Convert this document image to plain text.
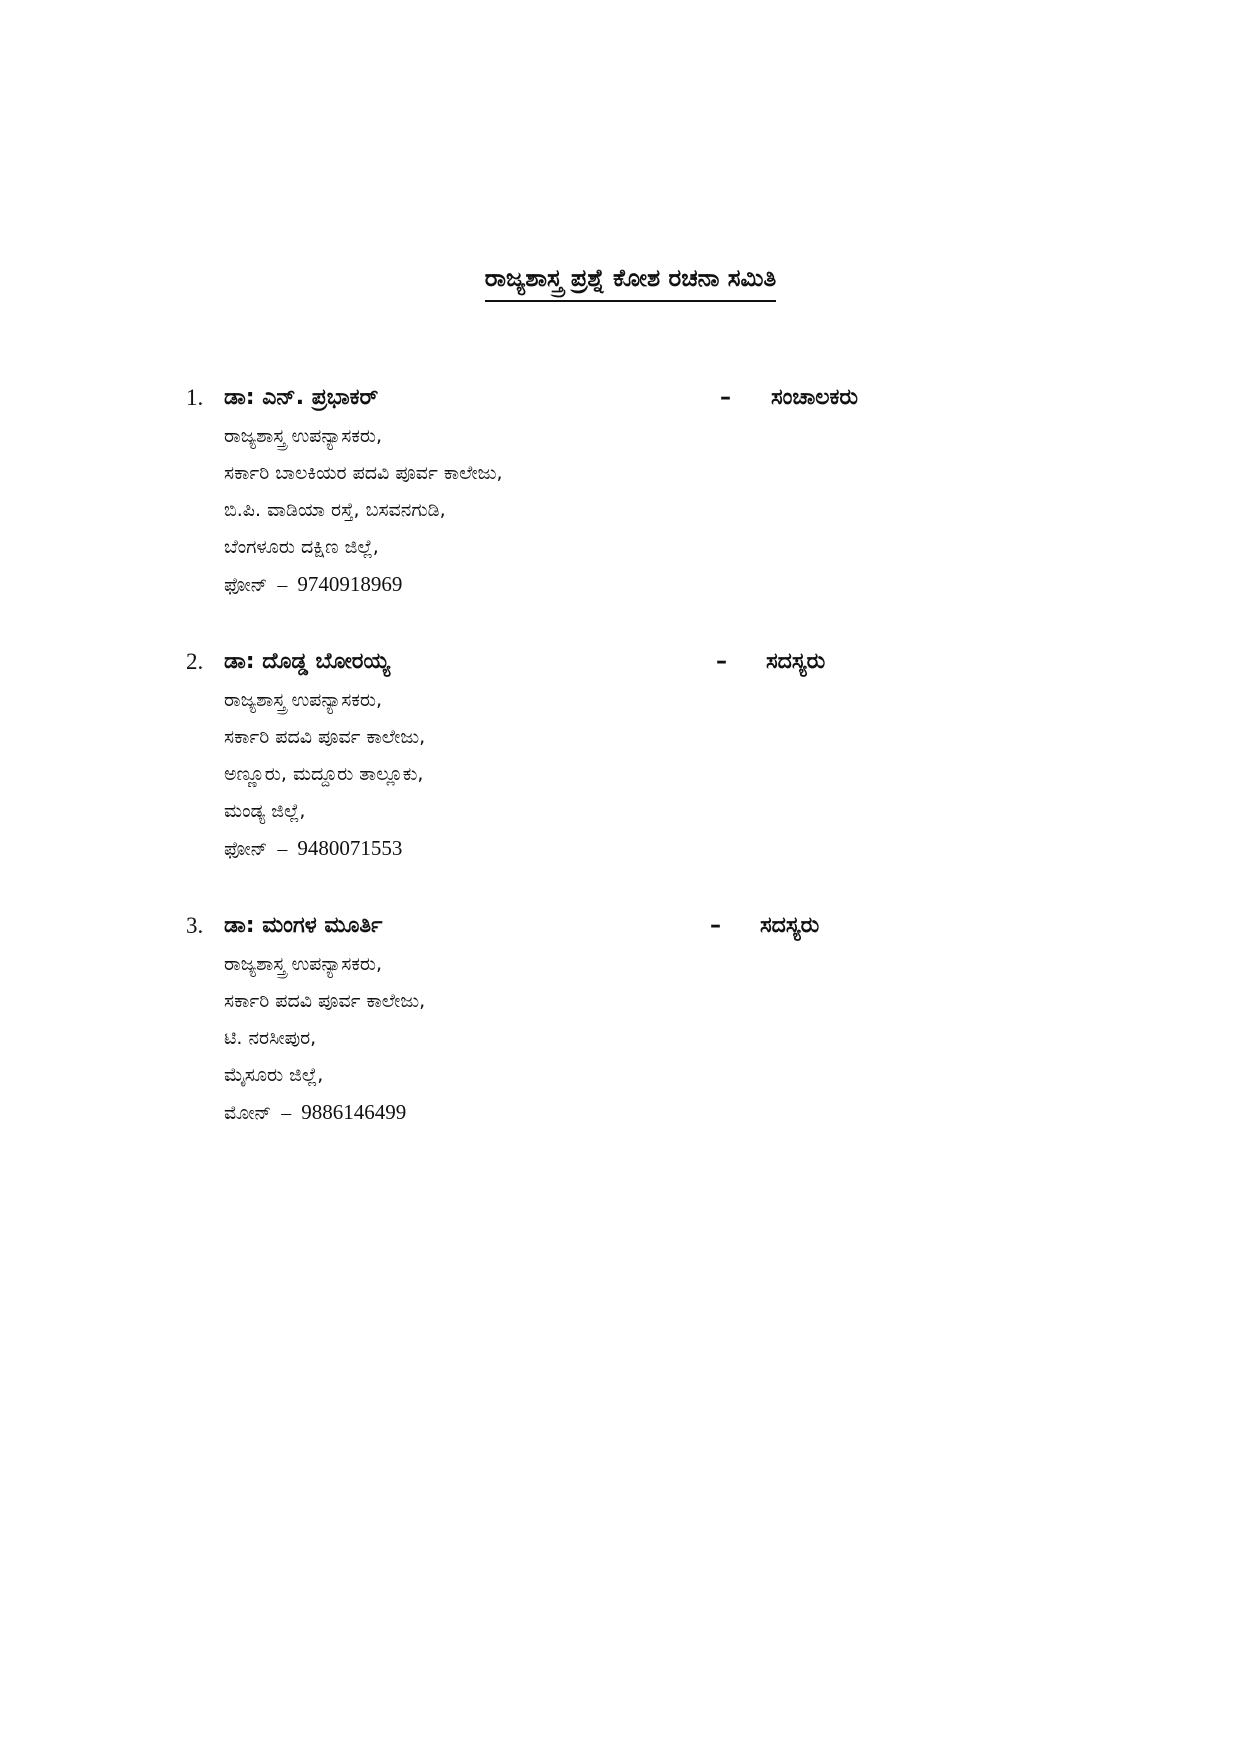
ರಾಜ್ಯಶಾಸ್ತ್ರ ಪ್ರಶ್ನೆ ಕೋಶ ರಚನಾ ಸಮಿತಿ
1. ಡಾ: ಎನ್. ಪ್ರಭಾಕರ್	– ಸಂಚಾಲಕರು
ರಾಜ್ಯಶಾಸ್ತ್ರ ಉಪನ್ಯಾಸಕರು,
ಸರ್ಕಾರಿ ಬಾಲಕಿಯರ ಪದವಿ ಪೂರ್ವ ಕಾಲೇಜು,
ಬಿ.ಪಿ. ವಾಡಿಯಾ ರಸ್ತೆ, ಬಸವನಗುಡಿ,
ಬೆಂಗಳೂರು ದಕ್ಷಿಣ ಜಿಲ್ಲೆ,
ಫೋನ್ – 9740918969
2. ಡಾ: ದೊಡ್ಡ ಬೋರಯ್ಯ	– ಸದಸ್ಯರು
ರಾಜ್ಯಶಾಸ್ತ್ರ ಉಪನ್ಯಾಸಕರು,
ಸರ್ಕಾರಿ ಪದವಿ ಪೂರ್ವ ಕಾಲೇಜು,
ಅಣ್ಣೂರು, ಮದ್ದೂರು ತಾಲ್ಲೂಕು,
ಮಂಡ್ಯ ಜಿಲ್ಲೆ,
ಫೋನ್ – 9480071553
3. ಡಾ: ಮಂಗಳ ಮೂರ್ತಿ	– ಸದಸ್ಯರು
ರಾಜ್ಯಶಾಸ್ತ್ರ ಉಪನ್ಯಾಸಕರು,
ಸರ್ಕಾರಿ ಪದವಿ ಪೂರ್ವ ಕಾಲೇಜು,
ಟಿ. ನರಸೀಪುರ,
ಮೈಸೂರು ಜಿಲ್ಲೆ,
ಮೋನ್ – 9886146499
